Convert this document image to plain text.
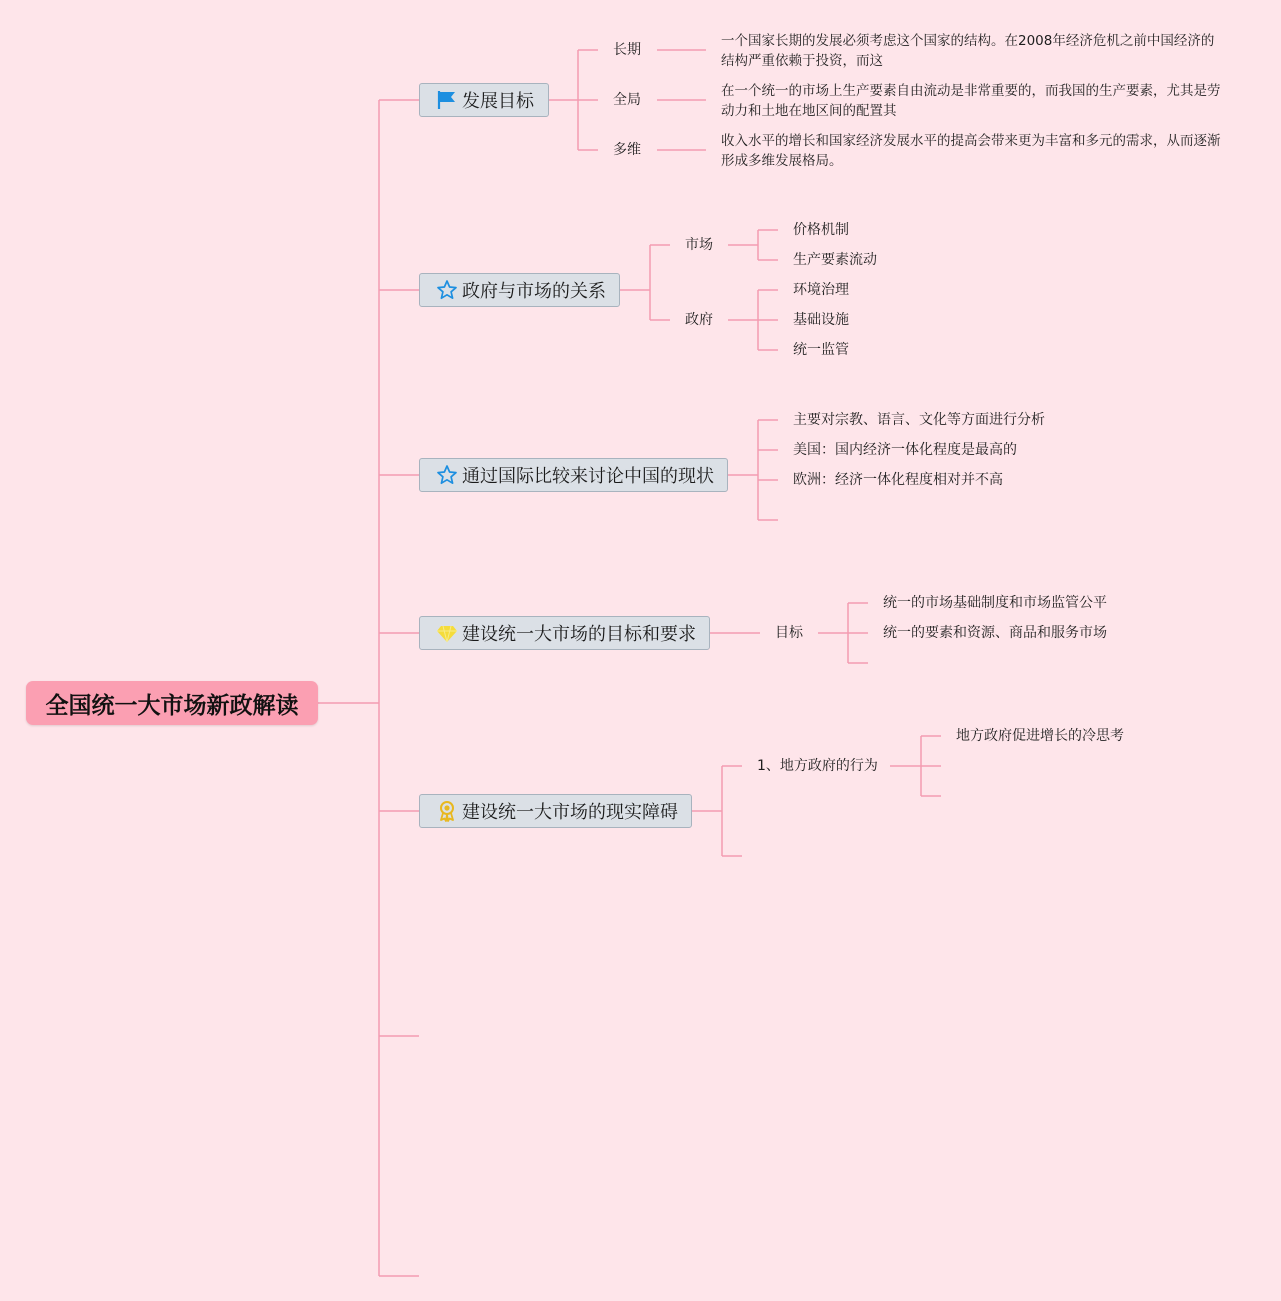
全国统一大市场新政解读
发展目标
长期
全局
多维
一个国家长期的发展必须考虑这个国家的结构。在2008年经济危机之前中国经济的结构严重依赖于投资，而这
在一个统一的市场上生产要素自由流动是非常重要的，而我国的生产要素，尤其是劳动力和土地在地区间的配置其
收入水平的增长和国家经济发展水平的提高会带来更为丰富和多元的需求，从而逐渐形成多维发展格局。
政府与市场的关系
市场
政府
价格机制
生产要素流动
环境治理
基础设施
统一监管
通过国际比较来讨论中国的现状
主要对宗教、语言、文化等方面进行分析
美国：国内经济一体化程度是最高的
欧洲：经济一体化程度相对并不高
建设统一大市场的目标和要求	目标
统一的市场基础制度和市场监管公平
统一的要素和资源、商品和服务市场
建设统一大市场的现实障碍
1、地方政府的行为
地方政府促进增长的冷思考
